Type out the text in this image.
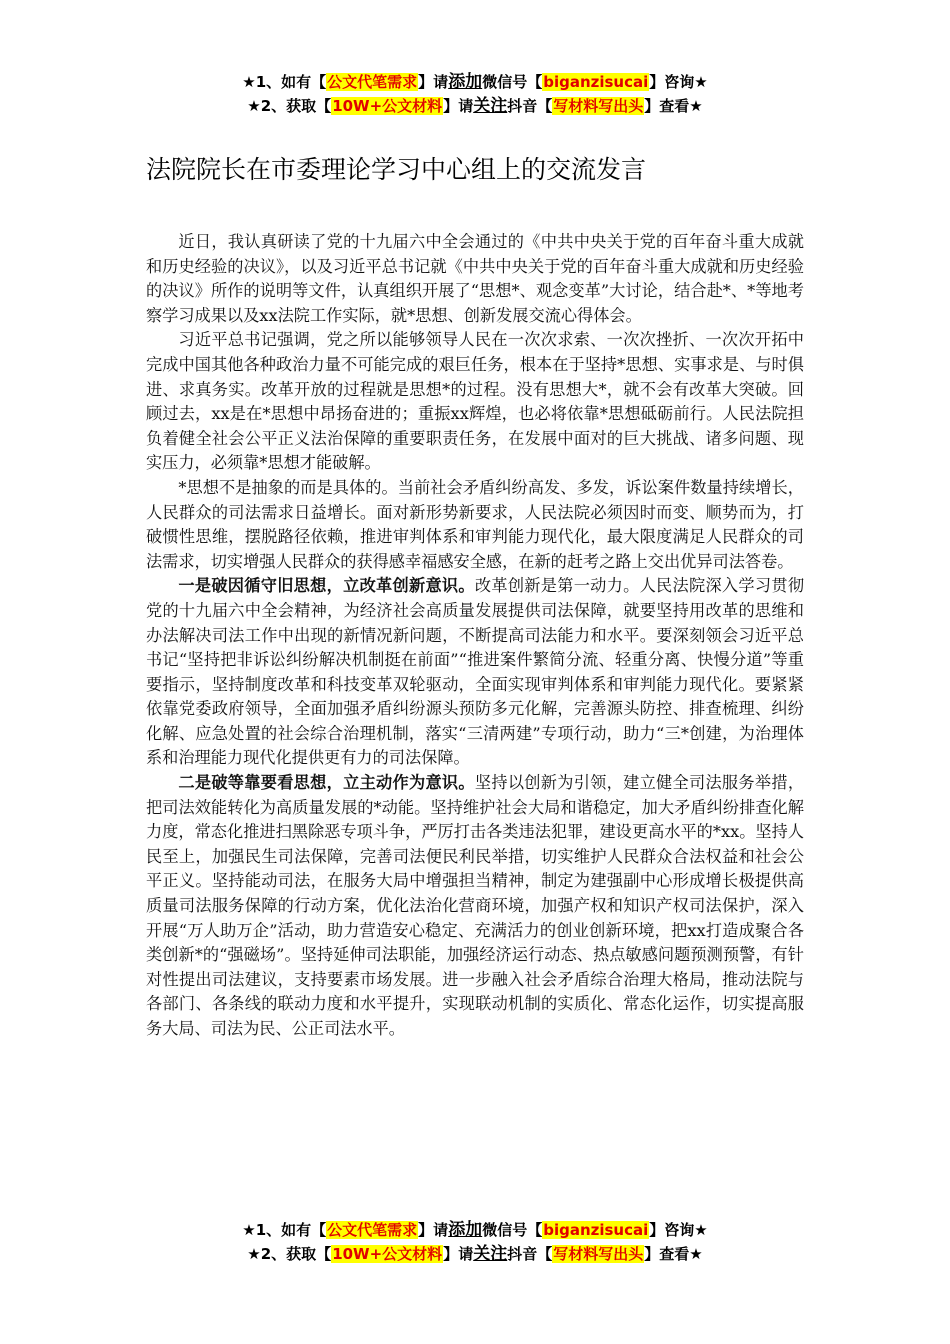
★1、如有【公文代笔需求】请添加微信号【biganzisucai】咨询★
★2、获取【10W+公文材料】请关注抖音【写材料写出头】查看★
法院院长在市委理论学习中心组上的交流发言

近日，我认真研读了党的十九届六中全会通过的《中共中央关于党的百年奋斗重大成就和历史经验的决议》，以及习近平总书记就《中共中央关于党的百年奋斗重大成就和历史经验的决议》所作的说明等文件，认真组织开展了“思想*、观念变革”大讨论，结合赴*、*等地考察学习成果以及xx法院工作实际，就*思想、创新发展交流心得体会。

习近平总书记强调，党之所以能够领导人民在一次次求索、一次次挫折、一次次开拓中完成中国其他各种政治力量不可能完成的艰巨任务，根本在于坚持*思想、实事求是、与时俱进、求真务实。改革开放的过程就是思想*的过程。没有思想大*，就不会有改革大突破。回顾过去，xx是在*思想中昂扬奋进的；重振xx辉煌，也必将依靠*思想砥砺前行。人民法院担负着健全社会公平正义法治保障的重要职责任务，在发展中面对的巨大挑战、诸多问题、现实压力，必须靠*思想才能破解。

*思想不是抽象的而是具体的。当前社会矛盾纠纷高发、多发，诉讼案件数量持续增长，人民群众的司法需求日益增长。面对新形势新要求，人民法院必须因时而变、顺势而为，打破惯性思维，摆脱路径依赖，推进审判体系和审判能力现代化，最大限度满足人民群众的司法需求，切实增强人民群众的获得感幸福感安全感，在新的赶考之路上交出优异司法答卷。

一是破因循守旧思想，立改革创新意识。改革创新是第一动力。人民法院深入学习贯彻党的十九届六中全会精神，为经济社会高质量发展提供司法保障，就要坚持用改革的思维和办法解决司法工作中出现的新情况新问题，不断提高司法能力和水平。要深刻领会习近平总书记“坚持把非诉讼纠纷解决机制挺在前面”“推进案件繁简分流、轻重分离、快慢分道”等重要指示，坚持制度改革和科技变革双轮驱动，全面实现审判体系和审判能力现代化。要紧紧依靠党委政府领导，全面加强矛盾纠纷源头预防多元化解，完善源头防控、排查梳理、纠纷化解、应急处置的社会综合治理机制，落实“三清两建”专项行动，助力“三*创建，为治理体系和治理能力现代化提供更有力的司法保障。

二是破等靠要看思想，立主动作为意识。坚持以创新为引领，建立健全司法服务举措，把司法效能转化为高质量发展的*动能。坚持维护社会大局和谐稳定，加大矛盾纠纷排查化解力度，常态化推进扫黑除恶专项斗争，严厉打击各类违法犯罪，建设更高水平的*xx。坚持人民至上，加强民生司法保障，完善司法便民利民举措，切实维护人民群众合法权益和社会公平正义。坚持能动司法，在服务大局中增强担当精神，制定为建强副中心形成增长极提供高质量司法服务保障的行动方案，优化法治化营商环境，加强产权和知识产权司法保护，深入开展“万人助万企”活动，助力营造安心稳定、充满活力的创业创新环境，把xx打造成聚合各类创新*的“强磁场”。坚持延伸司法职能，加强经济运行动态、热点敏感问题预测预警，有针对性提出司法建议，支持要素市场发展。进一步融入社会矛盾综合治理大格局，推动法院与各部门、各条线的联动力度和水平提升，实现联动机制的实质化、常态化运作，切实提高服务大局、司法为民、公正司法水平。

★1、如有【公文代笔需求】请添加微信号【biganzisucai】咨询★
★2、获取【10W+公文材料】请关注抖音【写材料写出头】查看★
